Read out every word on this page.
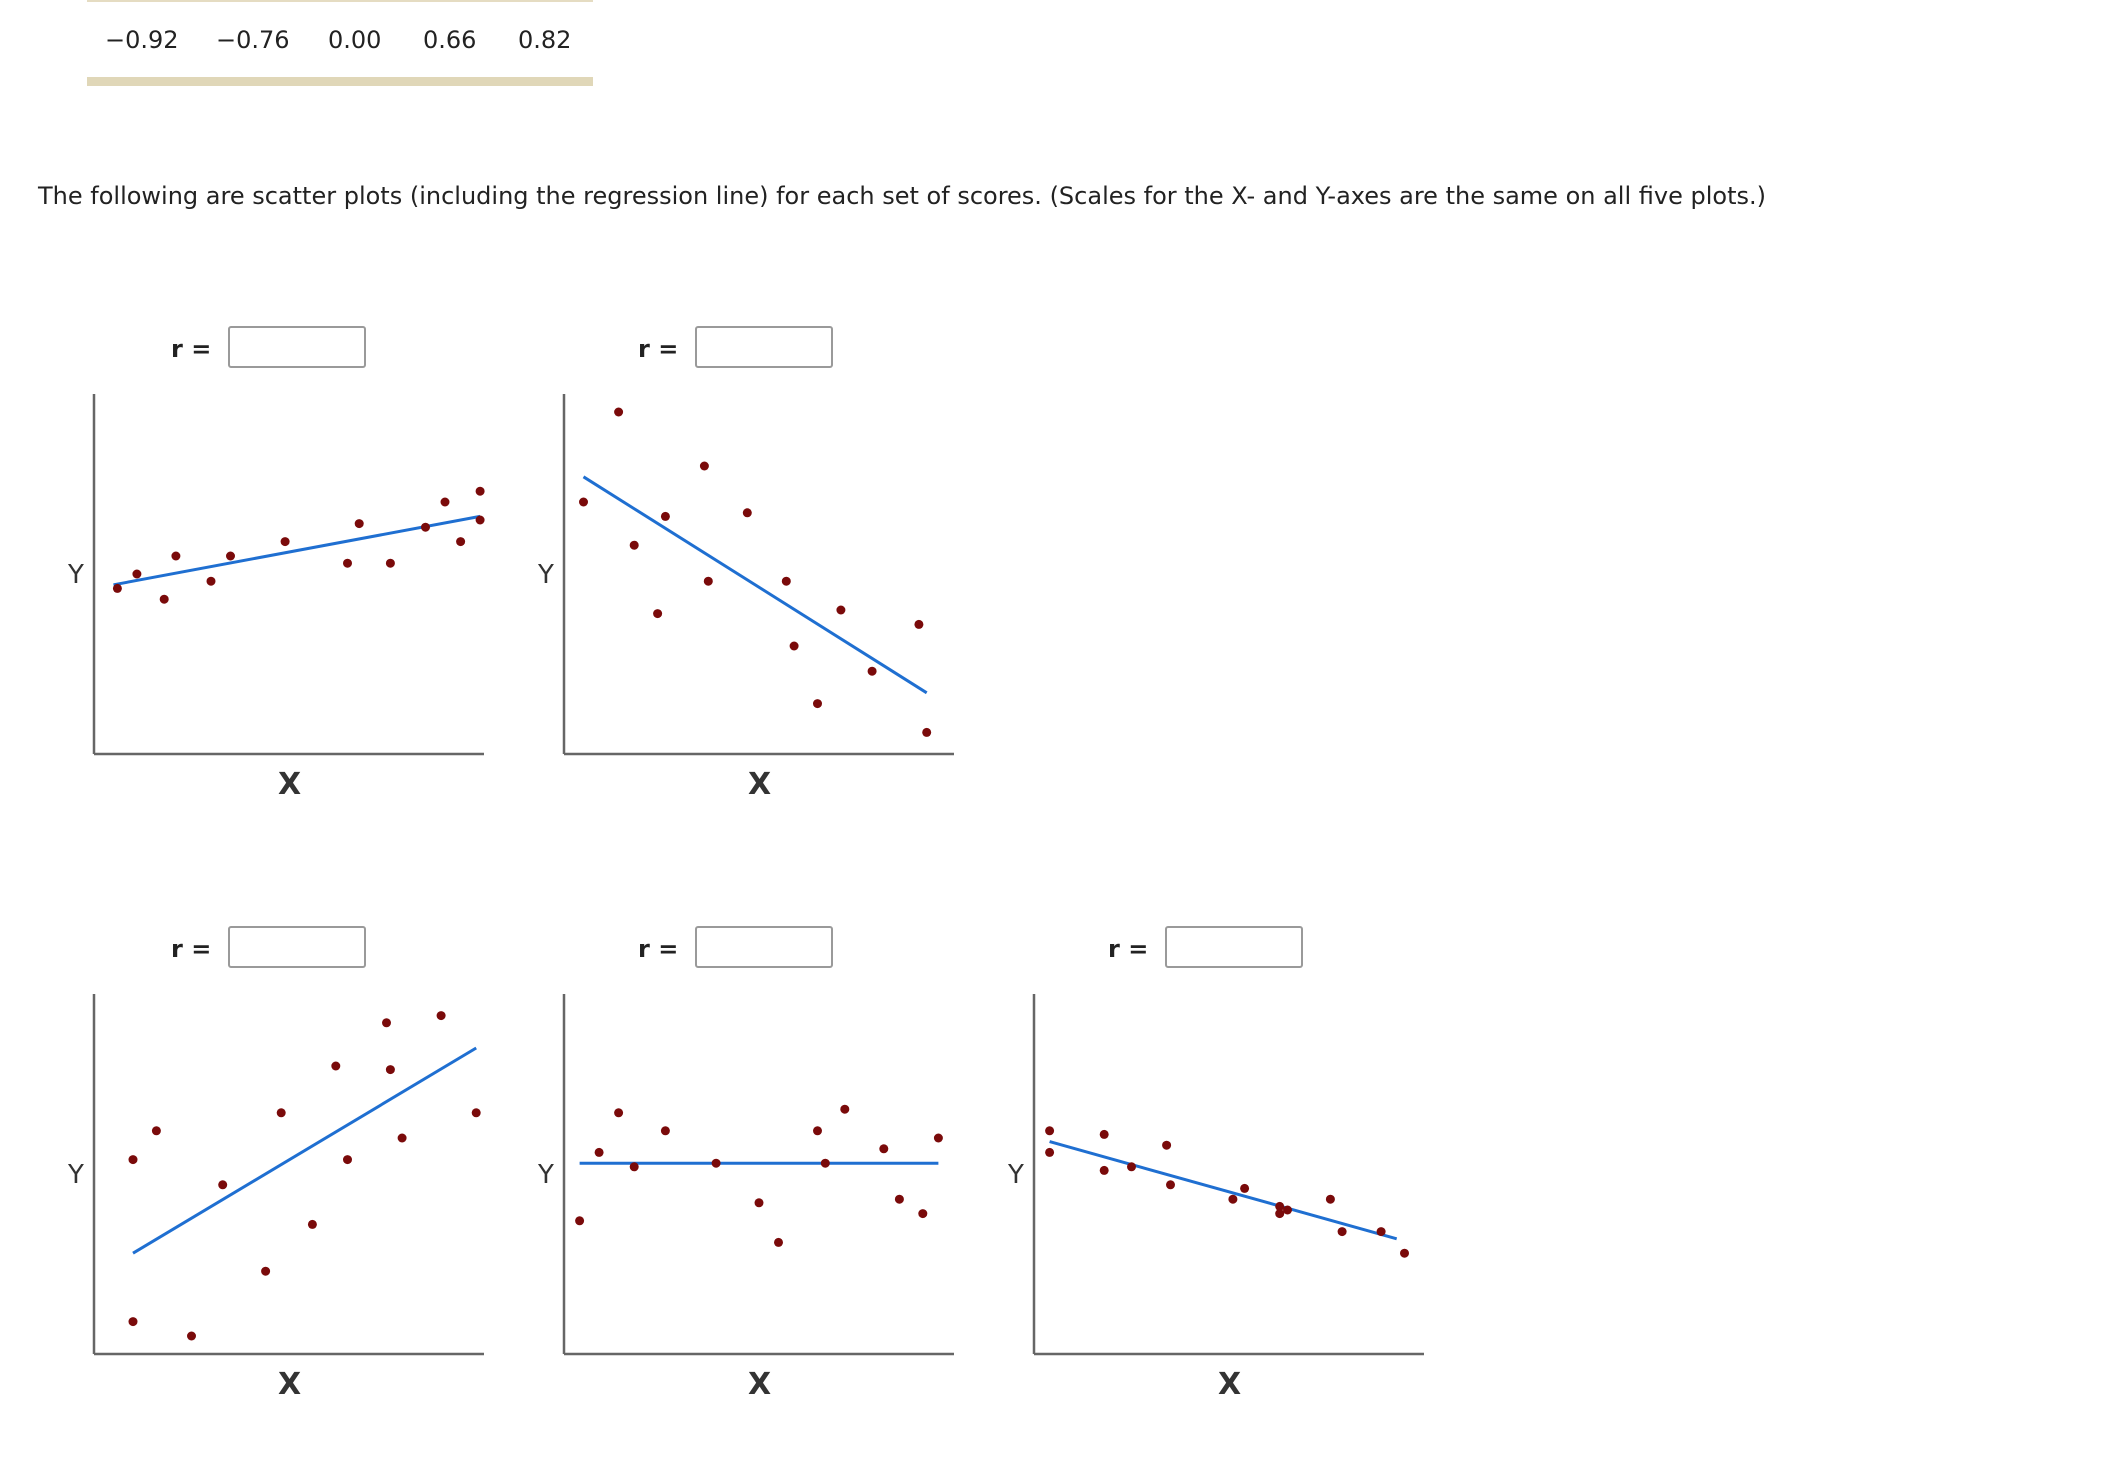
−0.92 −0.76 0.00 0.66 0.82
The following are scatter plots (including the regression line) for each set of scores. (Scales for the X- and Y-axes are the same on all five plots.)
r =
Y
X
r =
Y
X
r =
Y
X
r =
Y
X
r =
Y
X
